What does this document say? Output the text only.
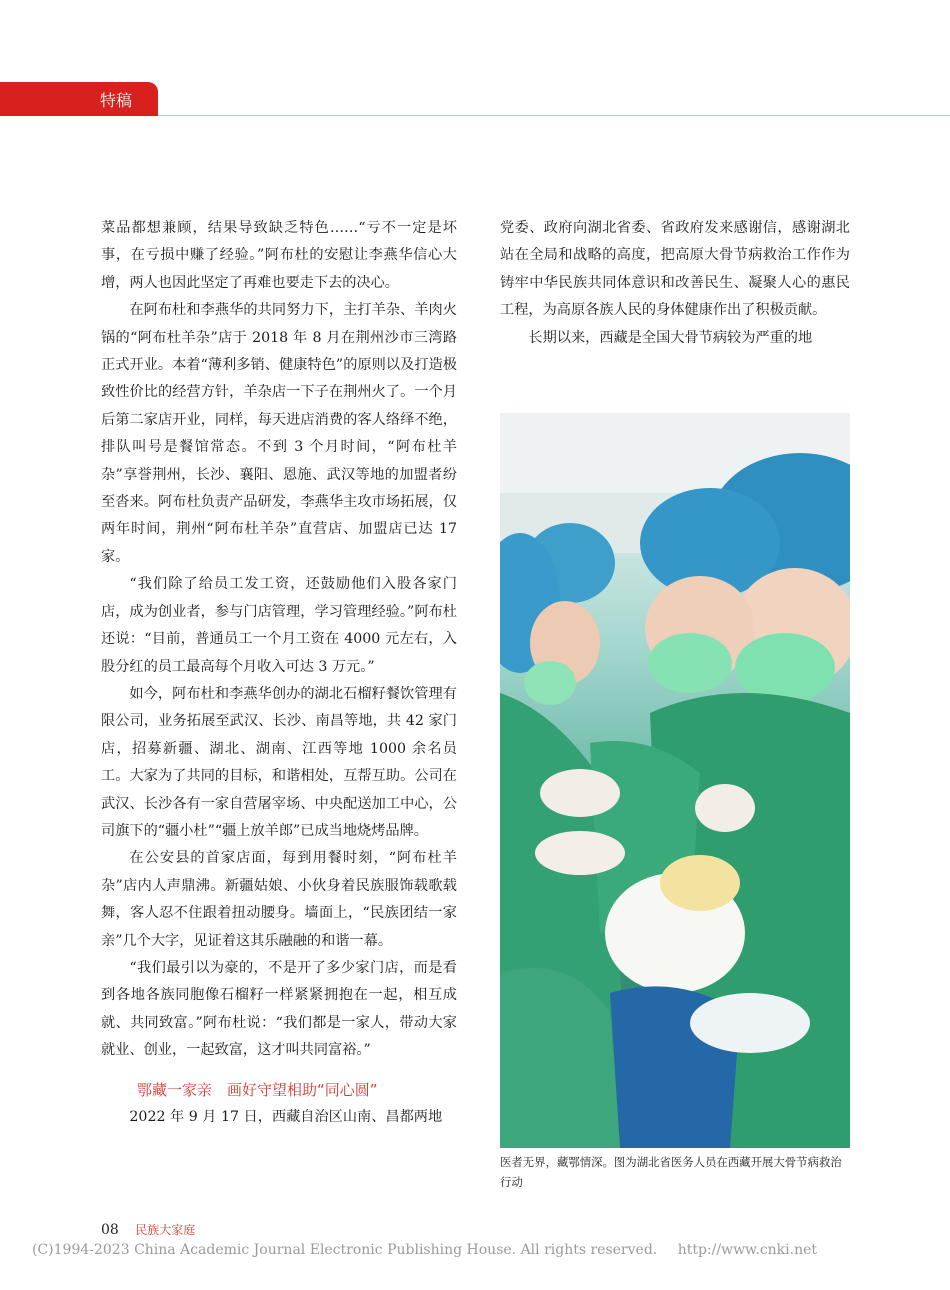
特稿

菜品都想兼顾，结果导致缺乏特色……“亏不一定是坏事，在亏损中赚了经验。”阿布杜的安慰让李燕华信心大增，两人也因此坚定了再难也要走下去的决心。

在阿布杜和李燕华的共同努力下，主打羊杂、羊肉火锅的“阿布杜羊杂”店于 2018 年 8 月在荆州沙市三湾路正式开业。本着“薄利多销、健康特色”的原则以及打造极致性价比的经营方针，羊杂店一下子在荆州火了。一个月后第二家店开业，同样，每天进店消费的客人络绎不绝，排队叫号是餐馆常态。不到 3 个月时间，“阿布杜羊杂”享誉荆州，长沙、襄阳、恩施、武汉等地的加盟者纷至沓来。阿布杜负责产品研发，李燕华主攻市场拓展，仅两年时间，荆州“阿布杜羊杂”直营店、加盟店已达 17 家。

“我们除了给员工发工资，还鼓励他们入股各家门店，成为创业者，参与门店管理，学习管理经验。”阿布杜还说：“目前，普通员工一个月工资在 4000 元左右，入股分红的员工最高每个月收入可达 3 万元。”

如今，阿布杜和李燕华创办的湖北石榴籽餐饮管理有限公司，业务拓展至武汉、长沙、南昌等地，共 42 家门店，招募新疆、湖北、湖南、江西等地 1000 余名员工。大家为了共同的目标，和谐相处，互帮互助。公司在武汉、长沙各有一家自营屠宰场、中央配送加工中心，公司旗下的“疆小杜”“疆上放羊郎”已成当地烧烤品牌。

在公安县的首家店面，每到用餐时刻，“阿布杜羊杂”店内人声鼎沸。新疆姑娘、小伙身着民族服饰载歌载舞，客人忍不住跟着扭动腰身。墙面上，“民族团结一家亲”几个大字，见证着这其乐融融的和谐一幕。

“我们最引以为豪的，不是开了多少家门店，而是看到各地各族同胞像石榴籽一样紧紧拥抱在一起，相互成就、共同致富。”阿布杜说：“我们都是一家人，带动大家就业、创业，一起致富，这才叫共同富裕。”

鄂藏一家亲　画好守望相助“同心圆”

2022 年 9 月 17 日，西藏自治区山南、昌都两地

党委、政府向湖北省委、省政府发来感谢信，感谢湖北站在全局和战略的高度，把高原大骨节病救治工作作为铸牢中华民族共同体意识和改善民生、凝聚人心的惠民工程，为高原各族人民的身体健康作出了积极贡献。

长期以来，西藏是全国大骨节病较为严重的地

医者无界，藏鄂情深。图为湖北省医务人员在西藏开展大骨节病救治行动
08 民族大家庭
(C)1994-2023 China Academic Journal Electronic Publishing House. All rights reserved. http://www.cnki.net
